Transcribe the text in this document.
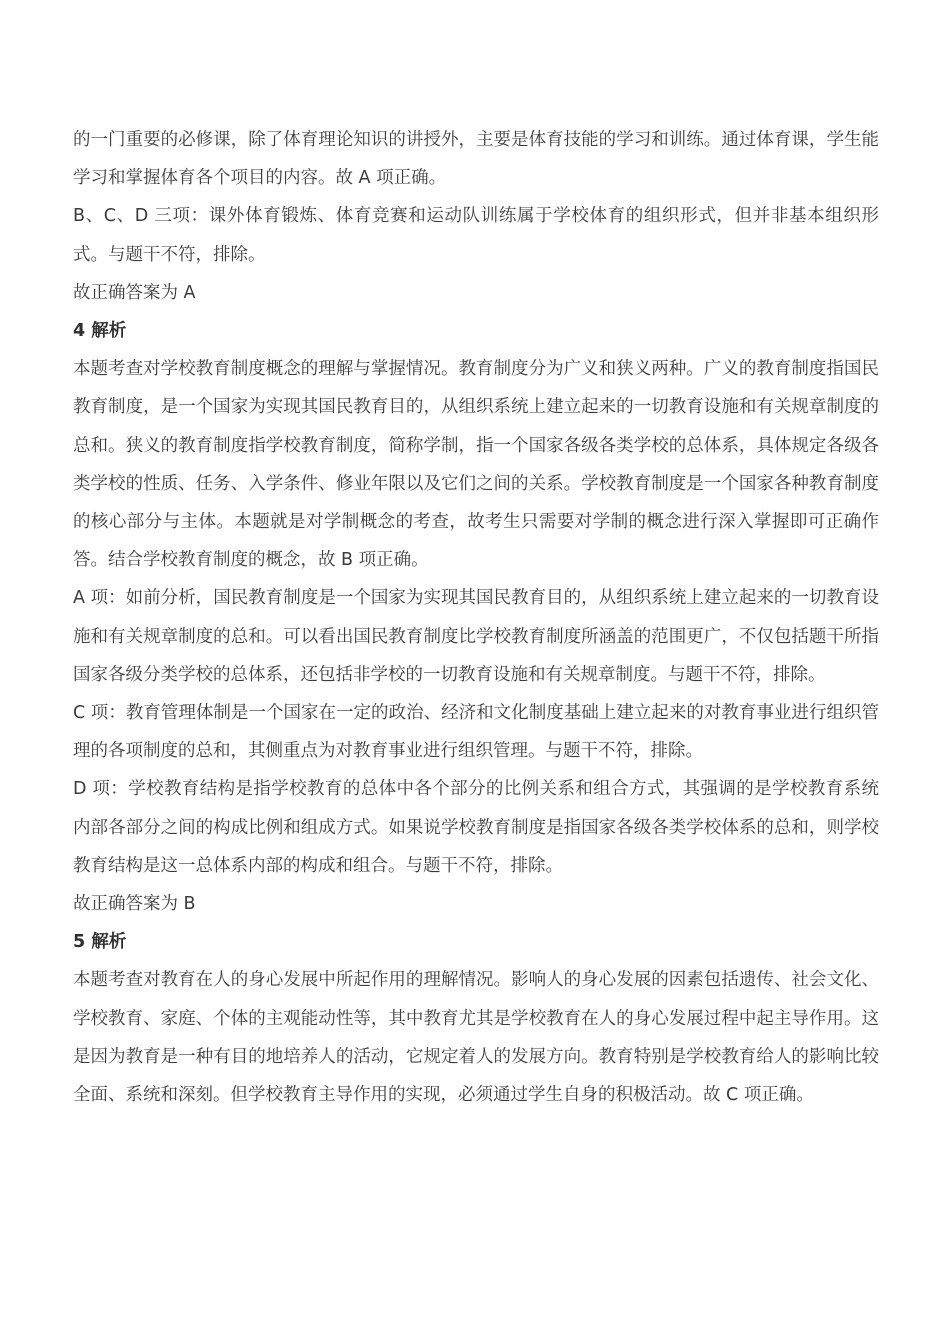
的一门重要的必修课，除了体育理论知识的讲授外，主要是体育技能的学习和训练。通过体育课，学生能学习和掌握体育各个项目的内容。故 A 项正确。

B、C、D 三项：课外体育锻炼、体育竞赛和运动队训练属于学校体育的组织形式，但并非基本组织形式。与题干不符，排除。

故正确答案为 A

4 解析

本题考查对学校教育制度概念的理解与掌握情况。教育制度分为广义和狭义两种。广义的教育制度指国民教育制度，是一个国家为实现其国民教育目的，从组织系统上建立起来的一切教育设施和有关规章制度的总和。狭义的教育制度指学校教育制度，简称学制，指一个国家各级各类学校的总体系，具体规定各级各类学校的性质、任务、入学条件、修业年限以及它们之间的关系。学校教育制度是一个国家各种教育制度的核心部分与主体。本题就是对学制概念的考查，故考生只需要对学制的概念进行深入掌握即可正确作答。结合学校教育制度的概念，故 B 项正确。

A 项：如前分析，国民教育制度是一个国家为实现其国民教育目的，从组织系统上建立起来的一切教育设施和有关规章制度的总和。可以看出国民教育制度比学校教育制度所涵盖的范围更广，不仅包括题干所指国家各级分类学校的总体系，还包括非学校的一切教育设施和有关规章制度。与题干不符，排除。

C 项：教育管理体制是一个国家在一定的政治、经济和文化制度基础上建立起来的对教育事业进行组织管理的各项制度的总和，其侧重点为对教育事业进行组织管理。与题干不符，排除。

D 项：学校教育结构是指学校教育的总体中各个部分的比例关系和组合方式，其强调的是学校教育系统内部各部分之间的构成比例和组成方式。如果说学校教育制度是指国家各级各类学校体系的总和，则学校教育结构是这一总体系内部的构成和组合。与题干不符，排除。

故正确答案为 B

5 解析

本题考查对教育在人的身心发展中所起作用的理解情况。影响人的身心发展的因素包括遗传、社会文化、学校教育、家庭、个体的主观能动性等，其中教育尤其是学校教育在人的身心发展过程中起主导作用。这是因为教育是一种有目的地培养人的活动，它规定着人的发展方向。教育特别是学校教育给人的影响比较全面、系统和深刻。但学校教育主导作用的实现，必须通过学生自身的积极活动。故 C 项正确。
